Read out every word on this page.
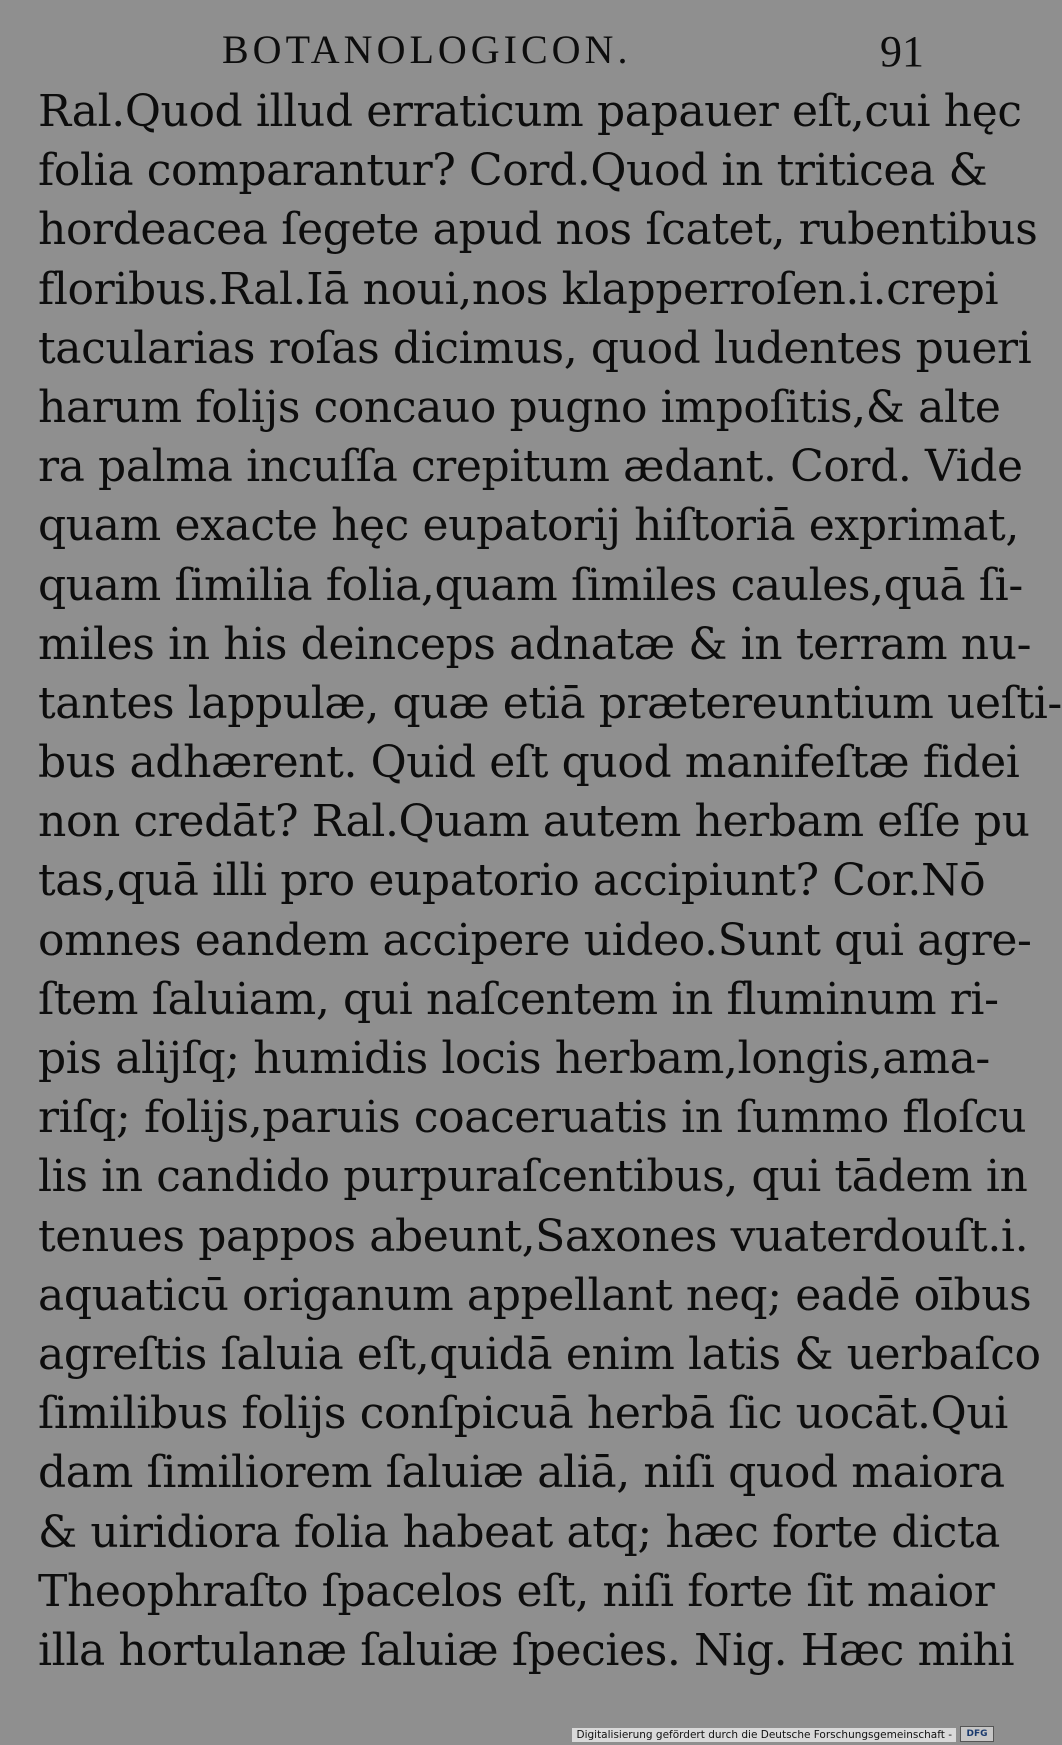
BOTANOLOGICON.	91
Ral.Quod illud erraticum papauer eſt,cui hęc
folia comparantur? Cord.Quod in triticea &
hordeacea ſegete apud nos ſcatet, rubentibus
floribus.Ral.Iā noui,nos klapperroſen.i.crepi
tacularias roſas dicimus, quod ludentes pueri
harum folijs concauo pugno impoſitis,& alte
ra palma incuſſa crepitum ædant. Cord. Vide
quam exacte hęc eupatorij hiſtoriā exprimat,
quam ſimilia folia,quam ſimiles caules,quā ſi-
miles in his deinceps adnatæ & in terram nu-
tantes lappulæ, quæ etiā prætereuntium ueſti-
bus adhærent. Quid eſt quod manifeſtæ fidei
non credāt? Ral.Quam autem herbam eſſe pu
tas,quā illi pro eupatorio accipiunt? Cor.Nō
omnes eandem accipere uideo.Sunt qui agre-
ſtem ſaluiam, qui naſcentem in fluminum ri-
pis alijſq; humidis locis herbam,longis,ama-
riſq; folijs,paruis coaceruatis in ſummo floſcu
lis in candido purpuraſcentibus, qui tādem in
tenues pappos abeunt,Saxones vuaterdouſt.i.
aquaticū origanum appellant neq; eadē oībus
agreſtis ſaluia eſt,quidā enim latis & uerbaſco
ſimilibus folijs conſpicuā herbā ſic uocāt.Qui
dam ſimiliorem ſaluiæ aliā, niſi quod maiora
& uiridiora folia habeat atq; hæc forte dicta
Theophraſto ſpacelos eſt, niſi forte ſit maior
illa hortulanæ ſaluiæ ſpecies. Nig. Hæc mihi
Digitalisierung gefördert durch die Deutsche Forschungsgemeinschaft -	DFG
